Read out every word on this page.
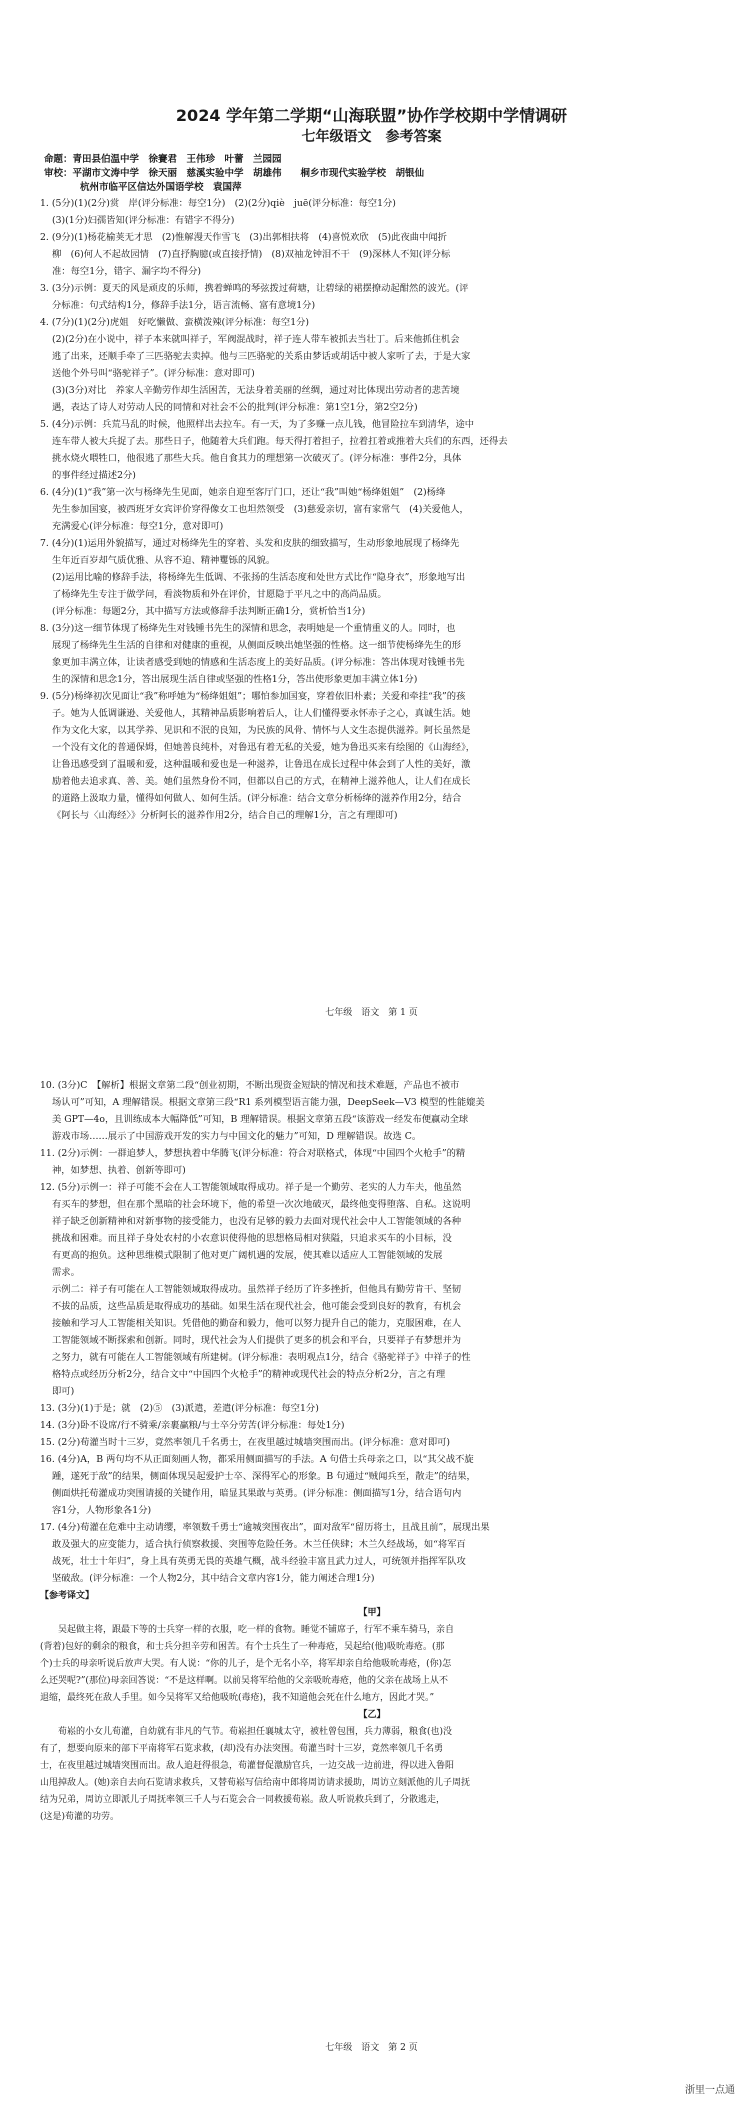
2024 学年第二学期“山海联盟”协作学校期中学情调研
七年级语文　参考答案
命题：青田县伯温中学　徐賽君　王伟珍　叶蕾　兰园园
审校：平湖市文涛中学　徐天丽　慈溪实验中学　胡雄伟　　桐乡市现代实验学校　胡银仙
杭州市临平区信达外国语学校　袁国萍

1. (5分)(1)(2分)赏　岸(评分标准：每空1分)　(2)(2分)qiè　juē(评分标准：每空1分)

(3)(1分)妇孺皆知(评分标准：有错字不得分)

2. (9分)(1)杨花榆荚无才思　(2)惟解漫天作雪飞　(3)出郭相扶将　(4)喜悦欢欣　(5)此夜曲中闻折

柳　(6)何人不起故园情　(7)直抒胸臆(或直接抒情)　(8)双袖龙钟泪不干　(9)深林人不知(评分标

准：每空1分，错字、漏字均不得分)

3. (3分)示例：夏天的风是顽皮的乐师，携着蝉鸣的琴弦拨过荷塘，让碧绿的裙摆撩动起酣然的波光。(评

分标准：句式结构1分，修辞手法1分，语言流畅、富有意境1分)

4. (7分)(1)(2分)虎姐　好吃懒做、蛮横泼辣(评分标准：每空1分)

(2)(2分)在小说中，祥子本来就叫祥子，军阀混战时，祥子连人带车被抓去当壮丁。后来他抓住机会

逃了出来，还顺手牵了三匹骆驼去卖掉。他与三匹骆驼的关系由梦话或胡话中被人家听了去，于是大家

送他个外号叫“骆驼祥子”。(评分标准：意对即可)

(3)(3分)对比　养家人辛勤劳作却生活困苦，无法身着美丽的丝绸，通过对比体现出劳动者的悲苦境

遇，表达了诗人对劳动人民的同情和对社会不公的批判(评分标准：第1空1分，第2空2分)

5. (4分)示例：兵荒马乱的时候，他照样出去拉车。有一天，为了多赚一点儿钱，他冒险拉车到清华，途中

连车带人被大兵捉了去。那些日子，他随着大兵们跑。每天得打着担子，拉着扛着或推着大兵们的东西，还得去

挑水烧火喂牲口，他很逃了那些大兵。他自食其力的理想第一次破灭了。(评分标准：事件2分，具体

的事件经过描述2分)

6. (4分)(1)“我”第一次与杨绛先生见面，她亲自迎至客厅门口，还让“我”叫她“杨绛姐姐”　(2)杨绛

先生参加国宴，被西班牙女宾评价穿得像女工也坦然领受　(3)慈爱亲切，富有家常气　(4)关爱他人，

充满爱心(评分标准：每空1分，意对即可)

7. (4分)(1)运用外貌描写，通过对杨绛先生的穿着、头发和皮肤的细致描写，生动形象地展现了杨绛先

生年近百岁却气质优雅、从容不迫、精神矍铄的风貌。

(2)运用比喻的修辞手法，将杨绛先生低调、不张扬的生活态度和处世方式比作“隐身衣”，形象地写出

了杨绛先生专注于做学问，看淡物质和外在评价，甘愿隐于平凡之中的高尚品质。

(评分标准：每题2分，其中描写方法或修辞手法判断正确1分，赏析恰当1分)

8. (3分)这一细节体现了杨绛先生对钱锺书先生的深情和思念，表明她是一个重情重义的人。同时，也

展现了杨绛先生生活的自律和对健康的重视，从侧面反映出她坚强的性格。这一细节使杨绛先生的形

象更加丰满立体，让读者感受到她的情感和生活态度上的美好品质。(评分标准：答出体现对钱锺书先

生的深情和思念1分，答出展现生活自律或坚强的性格1分，答出使形象更加丰满立体1分)

9. (5分)杨绛初次见面让“我”称呼她为“杨绛姐姐”；哪怕参加国宴，穿着依旧朴素；关爱和牵挂“我”的孩

子。她为人低调谦逊、关爱他人，其精神品质影响着后人，让人们懂得要永怀赤子之心，真诚生活。她

作为文化大家，以其学养、见识和不泯的良知，为民族的风骨、情怀与人文生态提供滋养。阿长虽然是

一个没有文化的普通保姆，但她善良纯朴，对鲁迅有着无私的关爱，她为鲁迅买来有绘图的《山海经》，

让鲁迅感受到了温暖和爱，这种温暖和爱也是一种滋养，让鲁迅在成长过程中体会到了人性的美好，激

励着他去追求真、善、美。她们虽然身份不同，但都以自己的方式，在精神上滋养他人，让人们在成长

的道路上汲取力量，懂得如何做人、如何生活。(评分标准：结合文章分析杨绛的滋养作用2分，结合

《阿长与〈山海经〉》分析阿长的滋养作用2分，结合自己的理解1分，言之有理即可)

七年级　语文　第 1 页

10. (3分)C　【解析】根据文章第二段“创业初期，不断出现资金短缺的情况和技术难题，产品也不被市

场认可”可知，A 理解错误。根据文章第三段“R1 系列模型语言能力强，DeepSeek—V3 模型的性能媲美

美 GPT—4o，且训练成本大幅降低”可知，B 理解错误。根据文章第五段“该游戏一经发布便赢动全球

游戏市场……展示了中国游戏开发的实力与中国文化的魅力”可知，D 理解错误。故选 C。

11. (2分)示例：一群追梦人，梦想执着中华腾飞(评分标准：符合对联格式，体现“中国四个火枪手”的精

神，如梦想、执着、创新等即可)

12. (5分)示例一：祥子可能不会在人工智能领域取得成功。祥子是一个勤劳、老实的人力车夫，他虽然

有买车的梦想，但在那个黑暗的社会环境下，他的希望一次次地破灭，最终他变得堕落、自私。这说明

祥子缺乏创新精神和对新事物的接受能力，也没有足够的毅力去面对现代社会中人工智能领域的各种

挑战和困难。而且祥子身处农村的小农意识使得他的思想格局相对狭隘，只追求买车的小目标，没

有更高的抱负。这种思维模式限制了他对更广阔机遇的发展，使其难以适应人工智能领域的发展

需求。

示例二：祥子有可能在人工智能领域取得成功。虽然祥子经历了许多挫折，但他具有勤劳肯干、坚韧

不拔的品质，这些品质是取得成功的基础。如果生活在现代社会，他可能会受到良好的教育，有机会

接触和学习人工智能相关知识。凭借他的勤奋和毅力，他可以努力提升自己的能力，克服困难，在人

工智能领域不断探索和创新。同时，现代社会为人们提供了更多的机会和平台，只要祥子有梦想并为

之努力，就有可能在人工智能领域有所建树。(评分标准：表明观点1分，结合《骆驼祥子》中祥子的性

格特点或经历分析2分，结合文中“中国四个火枪手”的精神或现代社会的特点分析2分，言之有理

即可)

13. (3分)(1)于是；就　(2)⑤　(3)派遣，差遣(评分标准：每空1分)

14. (3分)卧不设席/行不骑乘/亲裹赢粮/与士卒分劳苦(评分标准：每处1分)

15. (2分)荀灌当时十三岁，竟然率领几千名勇士，在夜里越过城墙突围而出。(评分标准：意对即可)

16. (4分)A，B 两句均不从正面刻画人物，都采用侧面描写的手法。A 句借士兵母亲之口，以“其父战不旋

踵，遂死于敌”的结果，侧面体现吴起爱护士卒、深得军心的形象。B 句通过“贼闻兵至，散走”的结果，

侧面烘托荀灌成功突围请援的关键作用，暗显其果敢与英勇。(评分标准：侧面描写1分，结合语句内

容1分，人物形象各1分)

17. (4分)荀灌在危难中主动请缨，率领数千勇士“逾城突围夜出”，面对敌军“留历将士，且战且前”，展现出果

敢及强大的应变能力，适合执行侦察救援、突围等危险任务。木兰任侠肆；木兰久经战场，如“将军百

战死，壮士十年归”，身上具有英勇无畏的英雄气概，战斗经验丰富且武力过人，可统领并指挥军队攻

坚破敌。(评分标准：一个人物2分，其中结合文章内容1分，能力阐述合理1分)

【参考译文】

【甲】

吴起做主将，跟最下等的士兵穿一样的衣服，吃一样的食物。睡觉不铺席子，行军不乘车骑马，亲自

(背着)包好的剩余的粮食，和士兵分担辛劳和困苦。有个士兵生了一种毒疮，吴起给(他)吸吮毒疮。(那

个)士兵的母亲听说后放声大哭。有人说：“你的儿子，是个无名小卒，将军却亲自给他吸吮毒疮，(你)怎

么还哭呢?”(那位)母亲回答说：“不是这样啊。以前吴将军给他的父亲吸吮毒疮，他的父亲在战场上从不

退缩，最终死在敌人手里。如今吴将军又给他吸吮(毒疮)，我不知道他会死在什么地方，因此才哭。”

【乙】

荀崧的小女儿荀灌，自幼就有非凡的气节。荀崧担任襄城太守，被杜曾包围，兵力薄弱，粮食(也)没

有了，想要向原来的部下平南将军石览求救，(却)没有办法突围。荀灌当时十三岁，竟然率领几千名勇

士，在夜里越过城墙突围而出。敌人追赶得很急，荀灌督促激励官兵，一边交战一边前进，得以进入鲁阳

山甩掉敌人。(她)亲自去向石览请求救兵，又替荀崧写信给南中郎将周访请求援助，周访立刻派他的儿子周抚

结为兄弟，周访立即派儿子周抚率领三千人与石览会合一同救援荀崧。敌人听说救兵到了，分散逃走，

(这是)荀灌的功劳。

七年级　语文　第 2 页
浙里一点通
